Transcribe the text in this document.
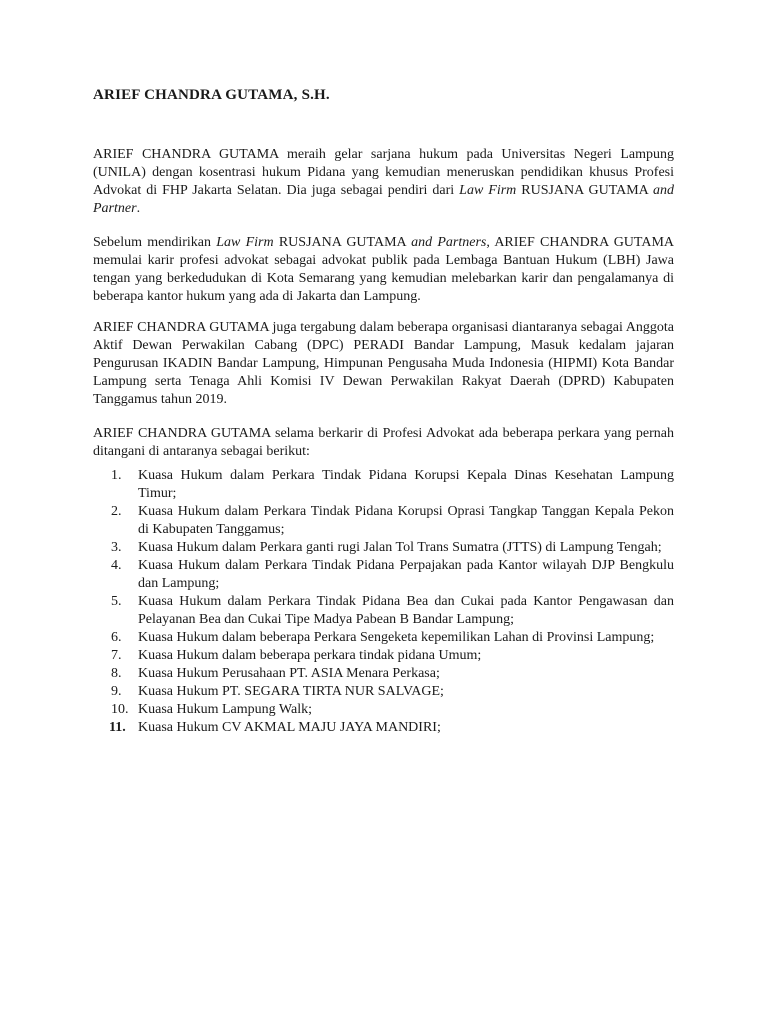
ARIEF CHANDRA GUTAMA, S.H.

ARIEF CHANDRA GUTAMA meraih gelar sarjana hukum pada Universitas Negeri Lampung (UNILA) dengan kosentrasi hukum Pidana yang kemudian meneruskan pendidikan khusus Profesi Advokat di FHP Jakarta Selatan. Dia juga sebagai pendiri dari Law Firm RUSJANA GUTAMA and Partner.

Sebelum mendirikan Law Firm RUSJANA GUTAMA and Partners, ARIEF CHANDRA GUTAMA memulai karir profesi advokat sebagai advokat publik pada Lembaga Bantuan Hukum (LBH) Jawa tengan yang berkedudukan di Kota Semarang yang kemudian melebarkan karir dan pengalamanya di beberapa kantor hukum yang ada di Jakarta dan Lampung.

ARIEF CHANDRA GUTAMA juga tergabung dalam beberapa organisasi diantaranya sebagai Anggota Aktif Dewan Perwakilan Cabang (DPC) PERADI Bandar Lampung, Masuk kedalam jajaran Pengurusan IKADIN Bandar Lampung, Himpunan Pengusaha Muda Indonesia (HIPMI) Kota Bandar Lampung serta Tenaga Ahli Komisi IV Dewan Perwakilan Rakyat Daerah (DPRD) Kabupaten Tanggamus tahun 2019.

ARIEF CHANDRA GUTAMA selama berkarir di Profesi Advokat ada beberapa perkara yang pernah ditangani di antaranya sebagai berikut:

1.	Kuasa Hukum dalam Perkara Tindak Pidana Korupsi Kepala Dinas Kesehatan Lampung Timur;
2.	Kuasa Hukum dalam Perkara Tindak Pidana Korupsi Oprasi Tangkap Tanggan Kepala Pekon di Kabupaten Tanggamus;
3.	Kuasa Hukum dalam Perkara ganti rugi Jalan Tol Trans Sumatra (JTTS) di Lampung Tengah;
4.	Kuasa Hukum dalam Perkara Tindak Pidana Perpajakan pada Kantor wilayah DJP Bengkulu dan Lampung;
5.	Kuasa Hukum dalam Perkara Tindak Pidana Bea dan Cukai pada Kantor Pengawasan dan Pelayanan Bea dan Cukai Tipe Madya Pabean B Bandar Lampung;
6.	Kuasa Hukum dalam beberapa Perkara Sengeketa kepemilikan Lahan di Provinsi Lampung;
7.	Kuasa Hukum dalam beberapa perkara tindak pidana Umum;
8.	Kuasa Hukum Perusahaan PT. ASIA Menara Perkasa;
9.	Kuasa Hukum PT. SEGARA TIRTA NUR SALVAGE;
10. Kuasa Hukum Lampung Walk;
11. Kuasa Hukum CV AKMAL MAJU JAYA MANDIRI;
